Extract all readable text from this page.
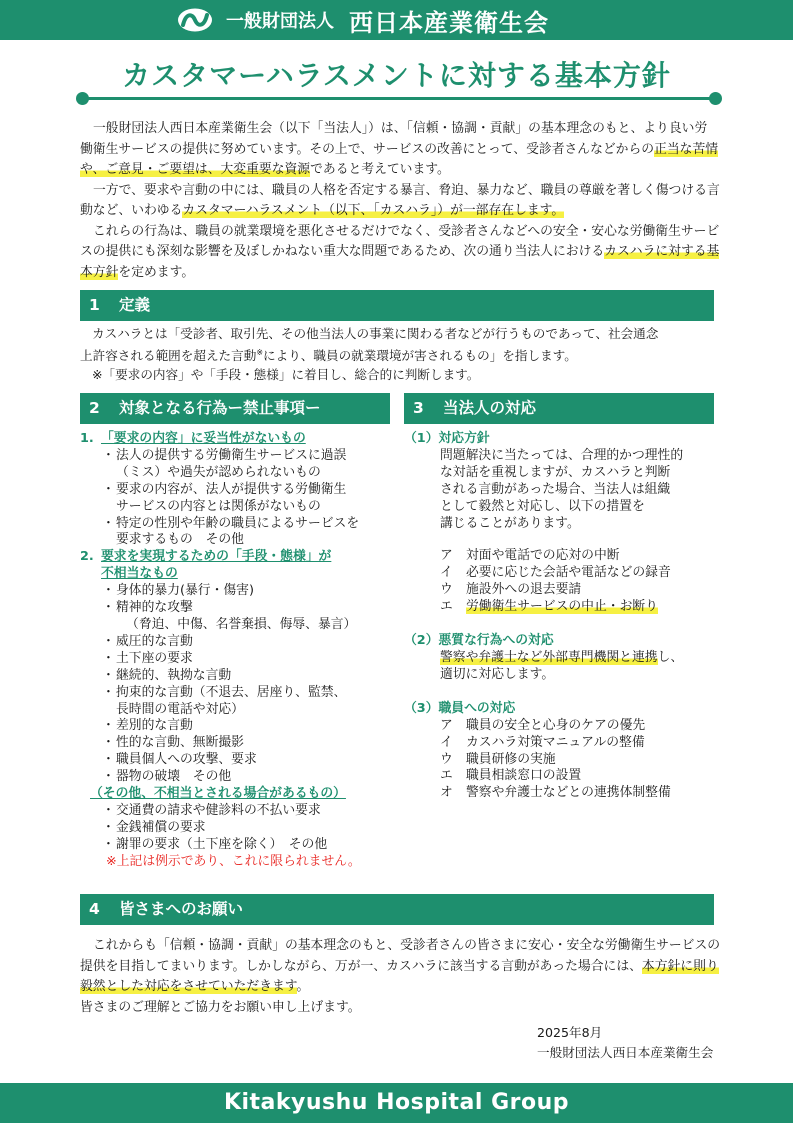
一般財団法人 西日本産業衛生会
カスタマーハラスメントに対する基本方針

一般財団法人西日本産業衛生会（以下「当法人」）は、「信頼・協調・貢献」の基本理念のもと、より良い労働衛生サービスの提供に努めています。その上で、サービスの改善にとって、受診者さんなどからの正当な苦情や、ご意見・ご要望は、大変重要な資源であると考えています。

一方で、要求や言動の中には、職員の人格を否定する暴言、脅迫、暴力など、職員の尊厳を著しく傷つける言動など、いわゆるカスタマーハラスメント（以下、「カスハラ」）が一部存在します。

これらの行為は、職員の就業環境を悪化させるだけでなく、受診者さんなどへの安全・安心な労働衛生サービスの提供にも深刻な影響を及ぼしかねない重大な問題であるため、次の通り当法人におけるカスハラに対する基本方針を定めます。

1 定義
カスハラとは「受診者、取引先、その他当法人の事業に関わる者などが行うものであって、社会通念
上許容される範囲を超えた言動※により、職員の就業環境が害されるもの」を指します。
※「要求の内容」や「手段・態様」に着目し、総合的に判断します。
2 対象となる行為ー禁止事項ー	3 当法人の対応
1. 「要求の内容」に妥当性がないもの
・ 法人の提供する労働衛生サービスに過誤
（ミス）や過失が認められないもの
・ 要求の内容が、法人が提供する労働衛生
サービスの内容とは関係がないもの
・ 特定の性別や年齢の職員によるサービスを
要求するもの　その他
2. 要求を実現するための「手段・態様」が
不相当なもの
・ 身体的暴力(暴行・傷害)
・ 精神的な攻撃
（脅迫、中傷、名誉棄損、侮辱、暴言）
・ 威圧的な言動
・ 土下座の要求
・ 継続的、執拗な言動
・ 拘束的な言動（不退去、居座り、監禁、
長時間の電話や対応）
・ 差別的な言動
・ 性的な言動、無断撮影
・ 職員個人への攻撃、要求
・ 器物の破壊　その他
（その他、不相当とされる場合があるもの）
・ 交通費の請求や健診料の不払い要求
・ 金銭補償の要求
・ 謝罪の要求（土下座を除く）　その他
※上記は例示であり、これに限られません。
（1）対応方針
問題解決に当たっては、合理的かつ理性的
な対話を重視しますが、カスハラと判断
される言動があった場合、当法人は組織
として毅然と対応し、以下の措置を
講じることがあります。
ア 対面や電話での応対の中断
イ 必要に応じた会話や電話などの録音
ウ 施設外への退去要請
エ 労働衛生サービスの中止・お断り
（2）悪質な行為への対応
警察や弁護士など外部専門機関と連携し、
適切に対応します。
（3）職員への対応
ア 職員の安全と心身のケアの優先
イ カスハラ対策マニュアルの整備
ウ 職員研修の実施
エ 職員相談窓口の設置
オ 警察や弁護士などとの連携体制整備
4 皆さまへのお願い
これからも「信頼・協調・貢献」の基本理念のもと、受診者さんの皆さまに安心・安全な労働衛生サービスの提供を目指してまいります。しかしながら、万が一、カスハラに該当する言動があった場合には、本方針に則り毅然とした対応をさせていただきます。
皆さまのご理解とご協力をお願い申し上げます。
2025年8月
一般財団法人西日本産業衛生会
Kitakyushu Hospital Group
